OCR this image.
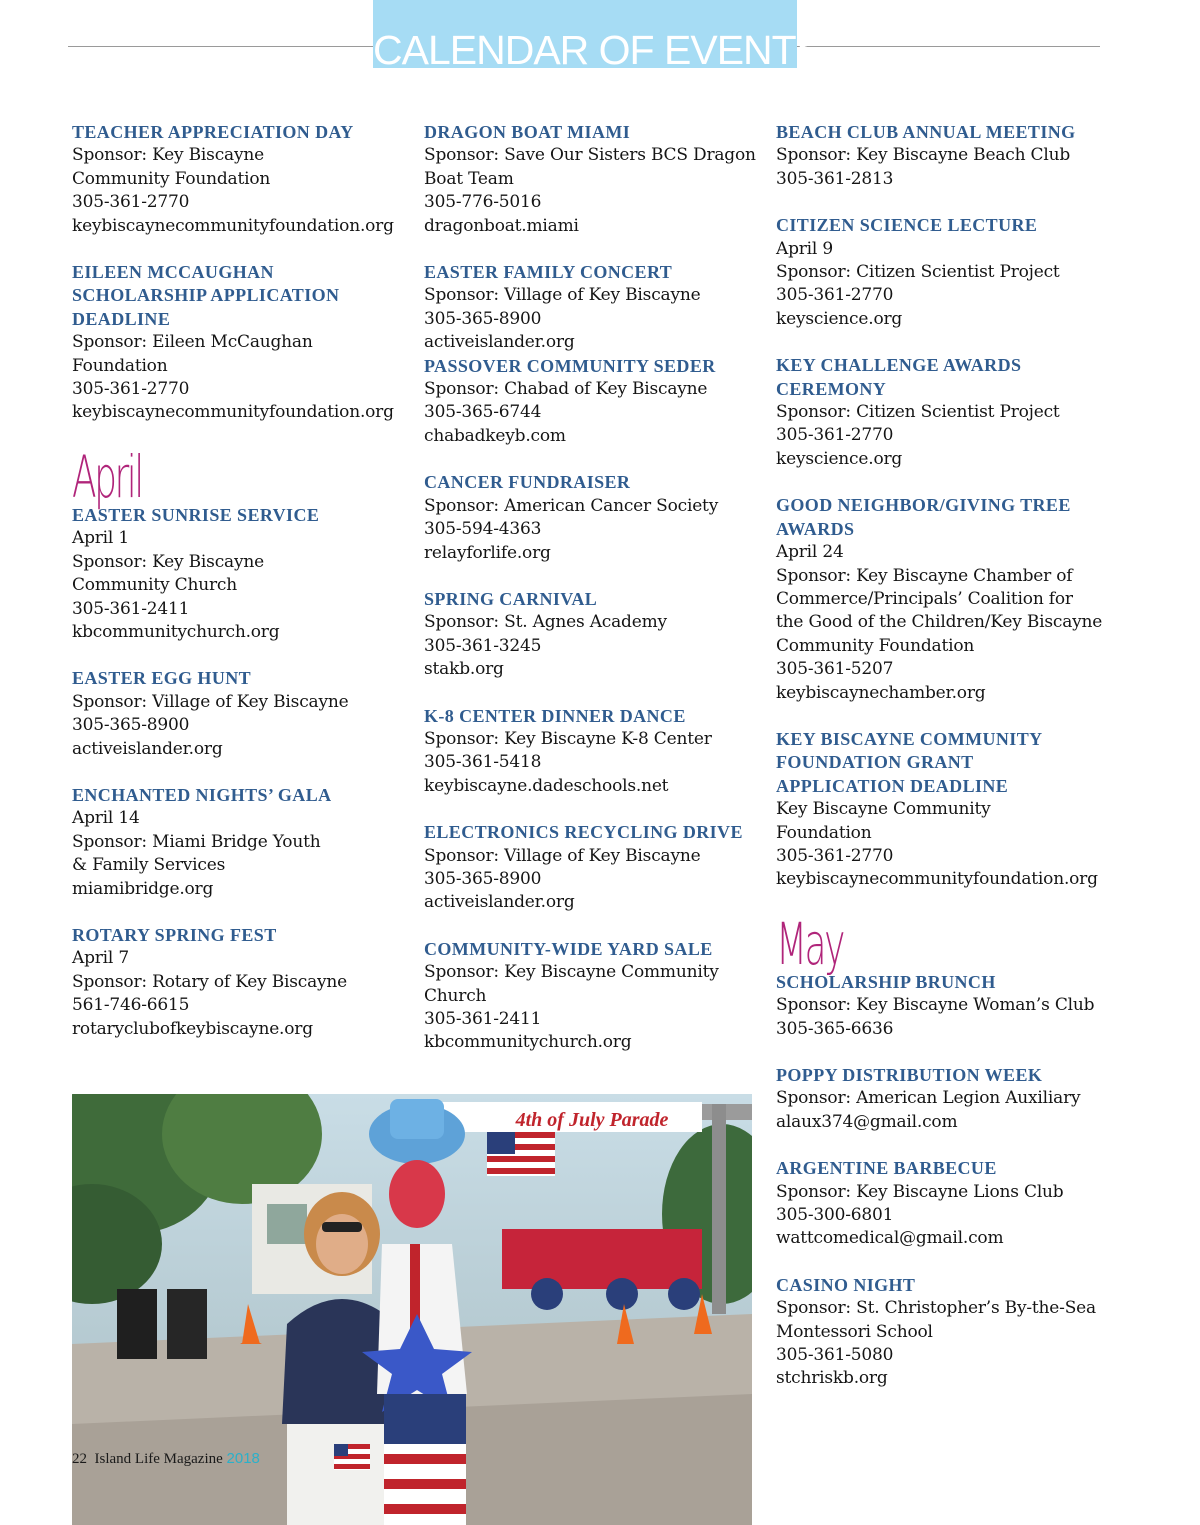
CALENDAR OF EVENTS
TEACHER APPRECIATION DAY
Sponsor: Key Biscayne
Community Foundation
305-361-2770
keybiscaynecommunityfoundation.org
EILEEN MCCAUGHAN SCHOLARSHIP APPLICATION DEADLINE
Sponsor: Eileen McCaughan
Foundation
305-361-2770
keybiscaynecommunityfoundation.org
April
EASTER SUNRISE SERVICE
April 1
Sponsor: Key Biscayne
Community Church
305-361-2411
kbcommunitychurch.org
EASTER EGG HUNT
Sponsor: Village of Key Biscayne
305-365-8900
activeislander.org
ENCHANTED NIGHTS’ GALA
April 14
Sponsor: Miami Bridge Youth
& Family Services
miamibridge.org
ROTARY SPRING FEST
April 7
Sponsor: Rotary of Key Biscayne
561-746-6615
rotaryclubofkeybiscayne.org
DRAGON BOAT MIAMI
Sponsor: Save Our Sisters BCS Dragon
Boat Team
305-776-5016
dragonboat.miami
EASTER FAMILY CONCERT
Sponsor: Village of Key Biscayne
305-365-8900
activeislander.org
PASSOVER COMMUNITY SEDER
Sponsor: Chabad of Key Biscayne
305-365-6744
chabadkeyb.com
CANCER FUNDRAISER
Sponsor: American Cancer Society
305-594-4363
relayforlife.org
SPRING CARNIVAL
Sponsor: St. Agnes Academy
305-361-3245
stakb.org
K-8 CENTER DINNER DANCE
Sponsor: Key Biscayne K-8 Center
305-361-5418
keybiscayne.dadeschools.net
ELECTRONICS RECYCLING DRIVE
Sponsor: Village of Key Biscayne
305-365-8900
activeislander.org
COMMUNITY-WIDE YARD SALE
Sponsor: Key Biscayne Community
Church
305-361-2411
kbcommunitychurch.org
BEACH CLUB ANNUAL MEETING
Sponsor: Key Biscayne Beach Club
305-361-2813
CITIZEN SCIENCE LECTURE
April 9
Sponsor: Citizen Scientist Project
305-361-2770
keyscience.org
KEY CHALLENGE AWARDS CEREMONY
Sponsor: Citizen Scientist Project
305-361-2770
keyscience.org
GOOD NEIGHBOR/GIVING TREE AWARDS
April 24
Sponsor: Key Biscayne Chamber of
Commerce/Principals’ Coalition for
the Good of the Children/Key Biscayne
Community Foundation
305-361-5207
keybiscaynechamber.org
KEY BISCAYNE COMMUNITY FOUNDATION GRANT APPLICATION DEADLINE
Key Biscayne Community
Foundation
305-361-2770
keybiscaynecommunityfoundation.org
May
SCHOLARSHIP BRUNCH
Sponsor: Key Biscayne Woman’s Club
305-365-6636
POPPY DISTRIBUTION WEEK
Sponsor: American Legion Auxiliary
alaux374@gmail.com
ARGENTINE BARBECUE
Sponsor: Key Biscayne Lions Club
305-300-6801
wattcomedical@gmail.com
CASINO NIGHT
Sponsor: St. Christopher’s By-the-Sea
Montessori School
305-361-5080
stchriskb.org
4th of July Parade
22 Island Life Magazine 2018
